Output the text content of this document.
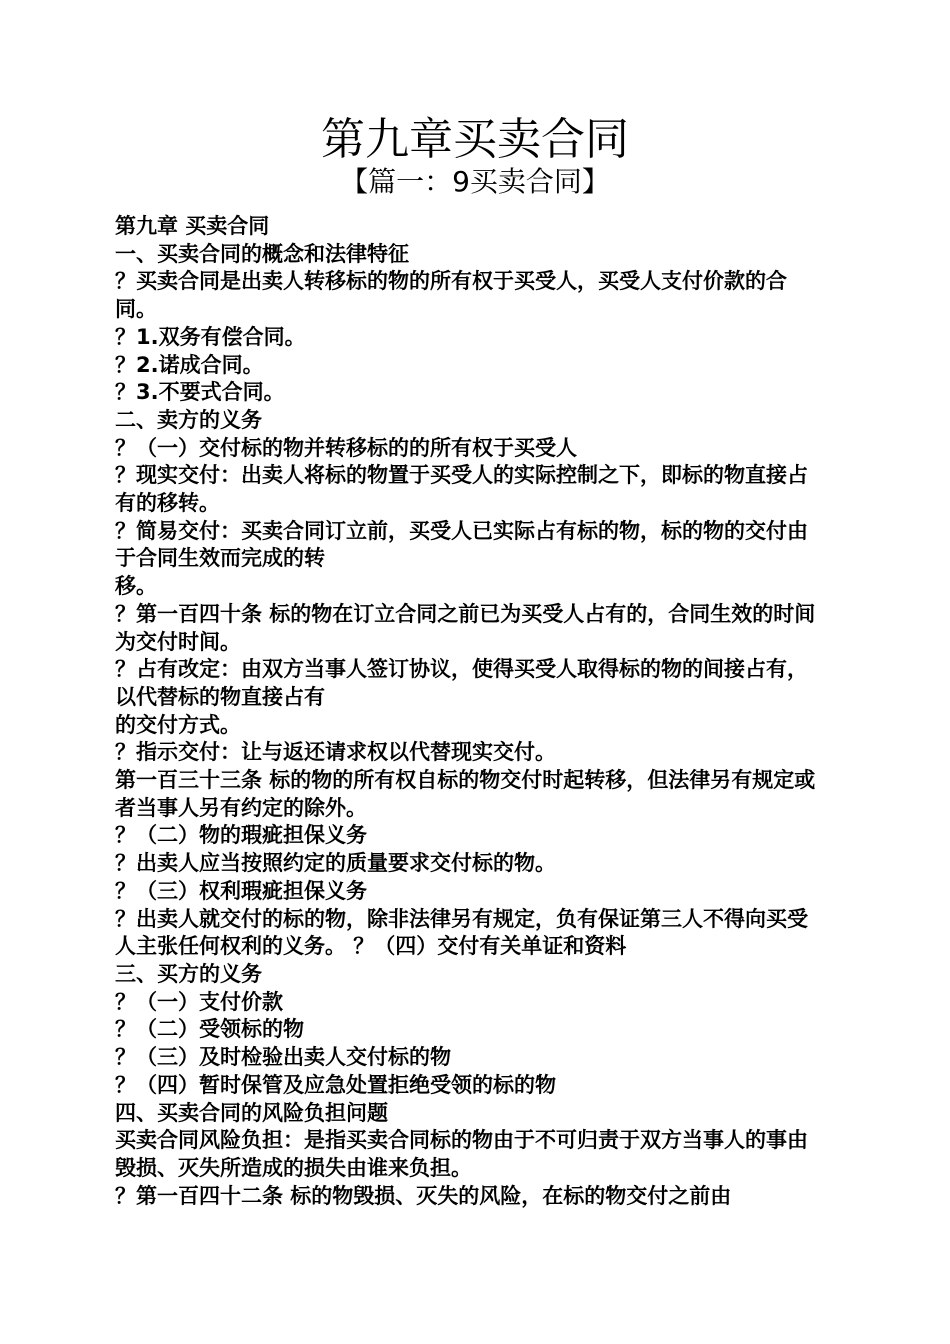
第九章买卖合同
【篇一：9买卖合同】

第九章 买卖合同

一、买卖合同的概念和法律特征

？买卖合同是出卖人转移标的物的所有权于买受人，买受人支付价款的合同。

？1.双务有偿合同。

？2.诺成合同。

？3.不要式合同。

二、卖方的义务

？（一）交付标的物并转移标的的所有权于买受人

？现实交付：出卖人将标的物置于买受人的实际控制之下，即标的物直接占有的移转。

？简易交付：买卖合同订立前，买受人已实际占有标的物，标的物的交付由于合同生效而完成的转

移。

？第一百四十条 标的物在订立合同之前已为买受人占有的，合同生效的时间为交付时间。

？占有改定：由双方当事人签订协议，使得买受人取得标的物的间接占有，以代替标的物直接占有

的交付方式。

？指示交付：让与返还请求权以代替现实交付。

第一百三十三条 标的物的所有权自标的物交付时起转移，但法律另有规定或者当事人另有约定的除外。

？（二）物的瑕疵担保义务

？出卖人应当按照约定的质量要求交付标的物。

？（三）权利瑕疵担保义务

？出卖人就交付的标的物，除非法律另有规定，负有保证第三人不得向买受人主张任何权利的义务。 ？（四）交付有关单证和资料

三、买方的义务

？（一）支付价款

？（二）受领标的物

？（三）及时检验出卖人交付标的物

？（四）暂时保管及应急处置拒绝受领的标的物

四、买卖合同的风险负担问题

买卖合同风险负担：是指买卖合同标的物由于不可归责于双方当事人的事由毁损、灭失所造成的损失由谁来负担。

？第一百四十二条 标的物毁损、灭失的风险，在标的物交付之前由
